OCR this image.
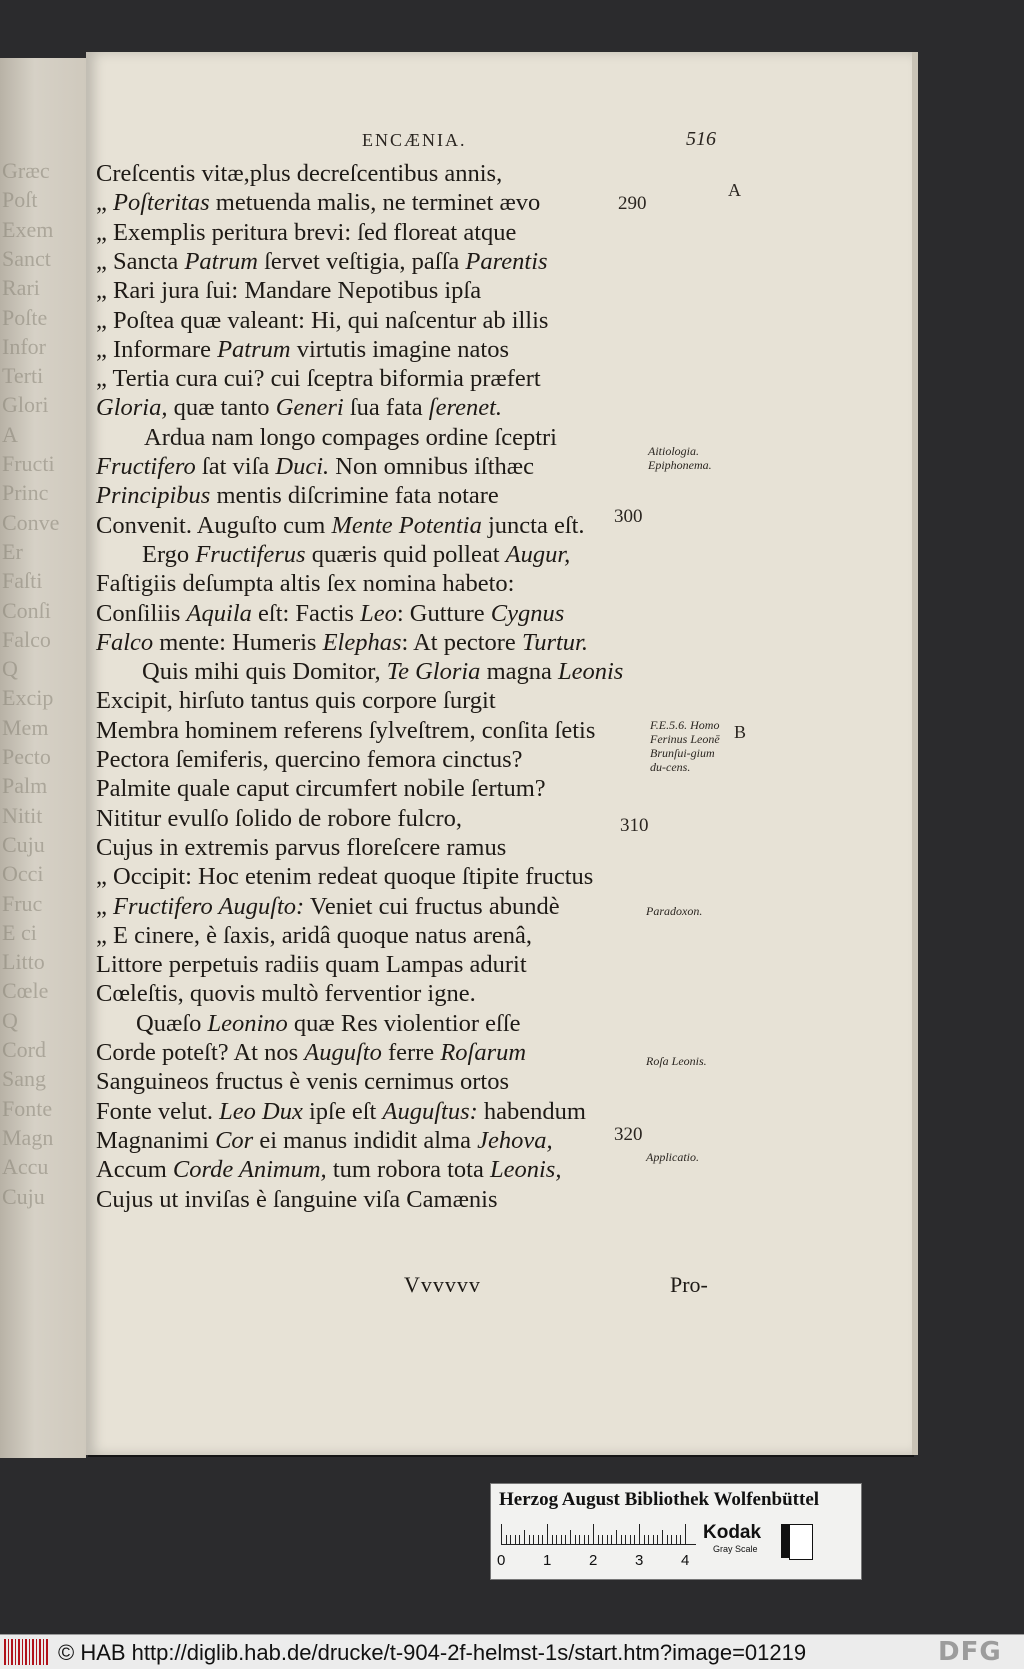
Græc
Poſt
Exem
Sanct
Rari
Poſte
Infor
Terti
Glori
A
Fructi
Princ
Conve
Er
Faſti
Conſi
Falco
Q
Excip
Mem
Pecto
Palm
Nitit
Cuju
Occi
Fruc
E ci
Litto
Cœle
Q
Cord
Sang
Fonte
Magn
Accu
Cuju
ENCÆNIA.	516
Creſcentis vitæ,plus decreſcentibus annis,
„ Poſteritas metuenda malis, ne terminet ævo
„ Exemplis peritura brevi: ſed floreat atque
„ Sancta Patrum ſervet veſtigia, paſſa Parentis
„ Rari jura ſui: Mandare Nepotibus ipſa
„ Poſtea quæ valeant: Hi, qui naſcentur ab illis
„ Informare Patrum virtutis imagine natos
„ Tertia cura cui? cui ſceptra biformia præfert
Gloria, quæ tanto Generi ſua fata ſerenet.
Ardua nam longo compages ordine ſceptri
Fructifero ſat viſa Duci. Non omnibus iſthæc
Principibus mentis diſcrimine fata notare
Convenit. Auguſto cum Mente Potentia juncta eſt.
Ergo Fructiferus quæris quid polleat Augur,
Faſtigiis deſumpta altis ſex nomina habeto:
Conſiliis Aquila eſt: Factis Leo: Gutture Cygnus
Falco mente: Humeris Elephas: At pectore Turtur.
Quis mihi quis Domitor, Te Gloria magna Leonis
Excipit, hirſuto tantus quis corpore ſurgit
Membra hominem referens ſylveſtrem, conſita ſetis
Pectora ſemiferis, quercino femora cinctus?
Palmite quale caput circumfert nobile ſertum?
Nititur evulſo ſolido de robore fulcro,
Cujus in extremis parvus floreſcere ramus
„ Occipit: Hoc etenim redeat quoque ſtipite fructus
„ Fructifero Auguſto: Veniet cui fructus abundè
„ E cinere, è ſaxis, aridâ quoque natus arenâ,
Littore perpetuis radiis quam Lampas adurit
Cœleſtis, quovis multò ferventior igne.
Quæſo Leonino quæ Res violentior eſſe
Corde poteſt? At nos Auguſto ferre Roſarum
Sanguineos fructus è venis cernimus ortos
Fonte velut. Leo Dux ipſe eſt Auguſtus: habendum
Magnanimi Cor ei manus indidit alma Jehova,
Accum Corde Animum, tum robora tota Leonis,
Cujus ut inviſas è ſanguine viſa Camænis
290
300
310
320
Aitiologia. Epiphonema.
F.E.5.6. Homo Ferinus Leonē Brunſui-gium du-cens.
Paradoxon.
Roſa Leonis.
Applicatio.
A
B
Vvvvvv	Pro-
Herzog August Bibliothek Wolfenbüttel
0	1	2	3	4
Kodak
Gray Scale
© HAB http://diglib.hab.de/drucke/t-904-2f-helmst-1s/start.htm?image=01219	DFG
